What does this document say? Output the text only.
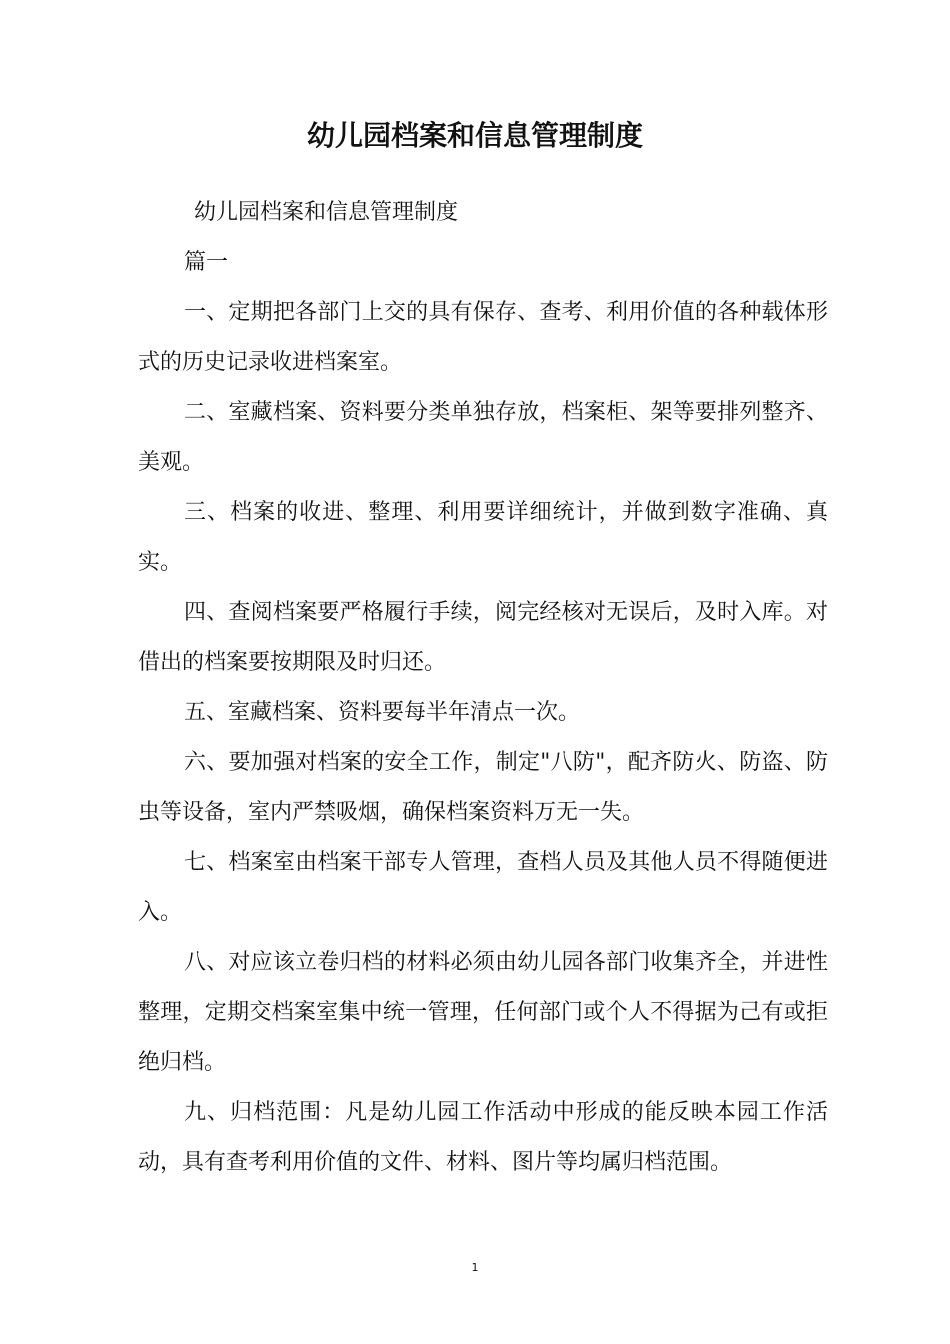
幼儿园档案和信息管理制度

幼儿园档案和信息管理制度

篇一

一、定期把各部门上交的具有保存、查考、利用价值的各种载体形式的历史记录收进档案室。

二、室藏档案、资料要分类单独存放，档案柜、架等要排列整齐、美观。

三、档案的收进、整理、利用要详细统计，并做到数字准确、真实。

四、查阅档案要严格履行手续，阅完经核对无误后，及时入库。对借出的档案要按期限及时归还。

五、室藏档案、资料要每半年清点一次。

六、要加强对档案的安全工作，制定"八防"，配齐防火、防盗、防虫等设备，室内严禁吸烟，确保档案资料万无一失。

七、档案室由档案干部专人管理，查档人员及其他人员不得随便进入。

八、对应该立卷归档的材料必须由幼儿园各部门收集齐全，并进性整理，定期交档案室集中统一管理，任何部门或个人不得据为己有或拒绝归档。

九、归档范围：凡是幼儿园工作活动中形成的能反映本园工作活动，具有查考利用价值的文件、材料、图片等均属归档范围。

1
